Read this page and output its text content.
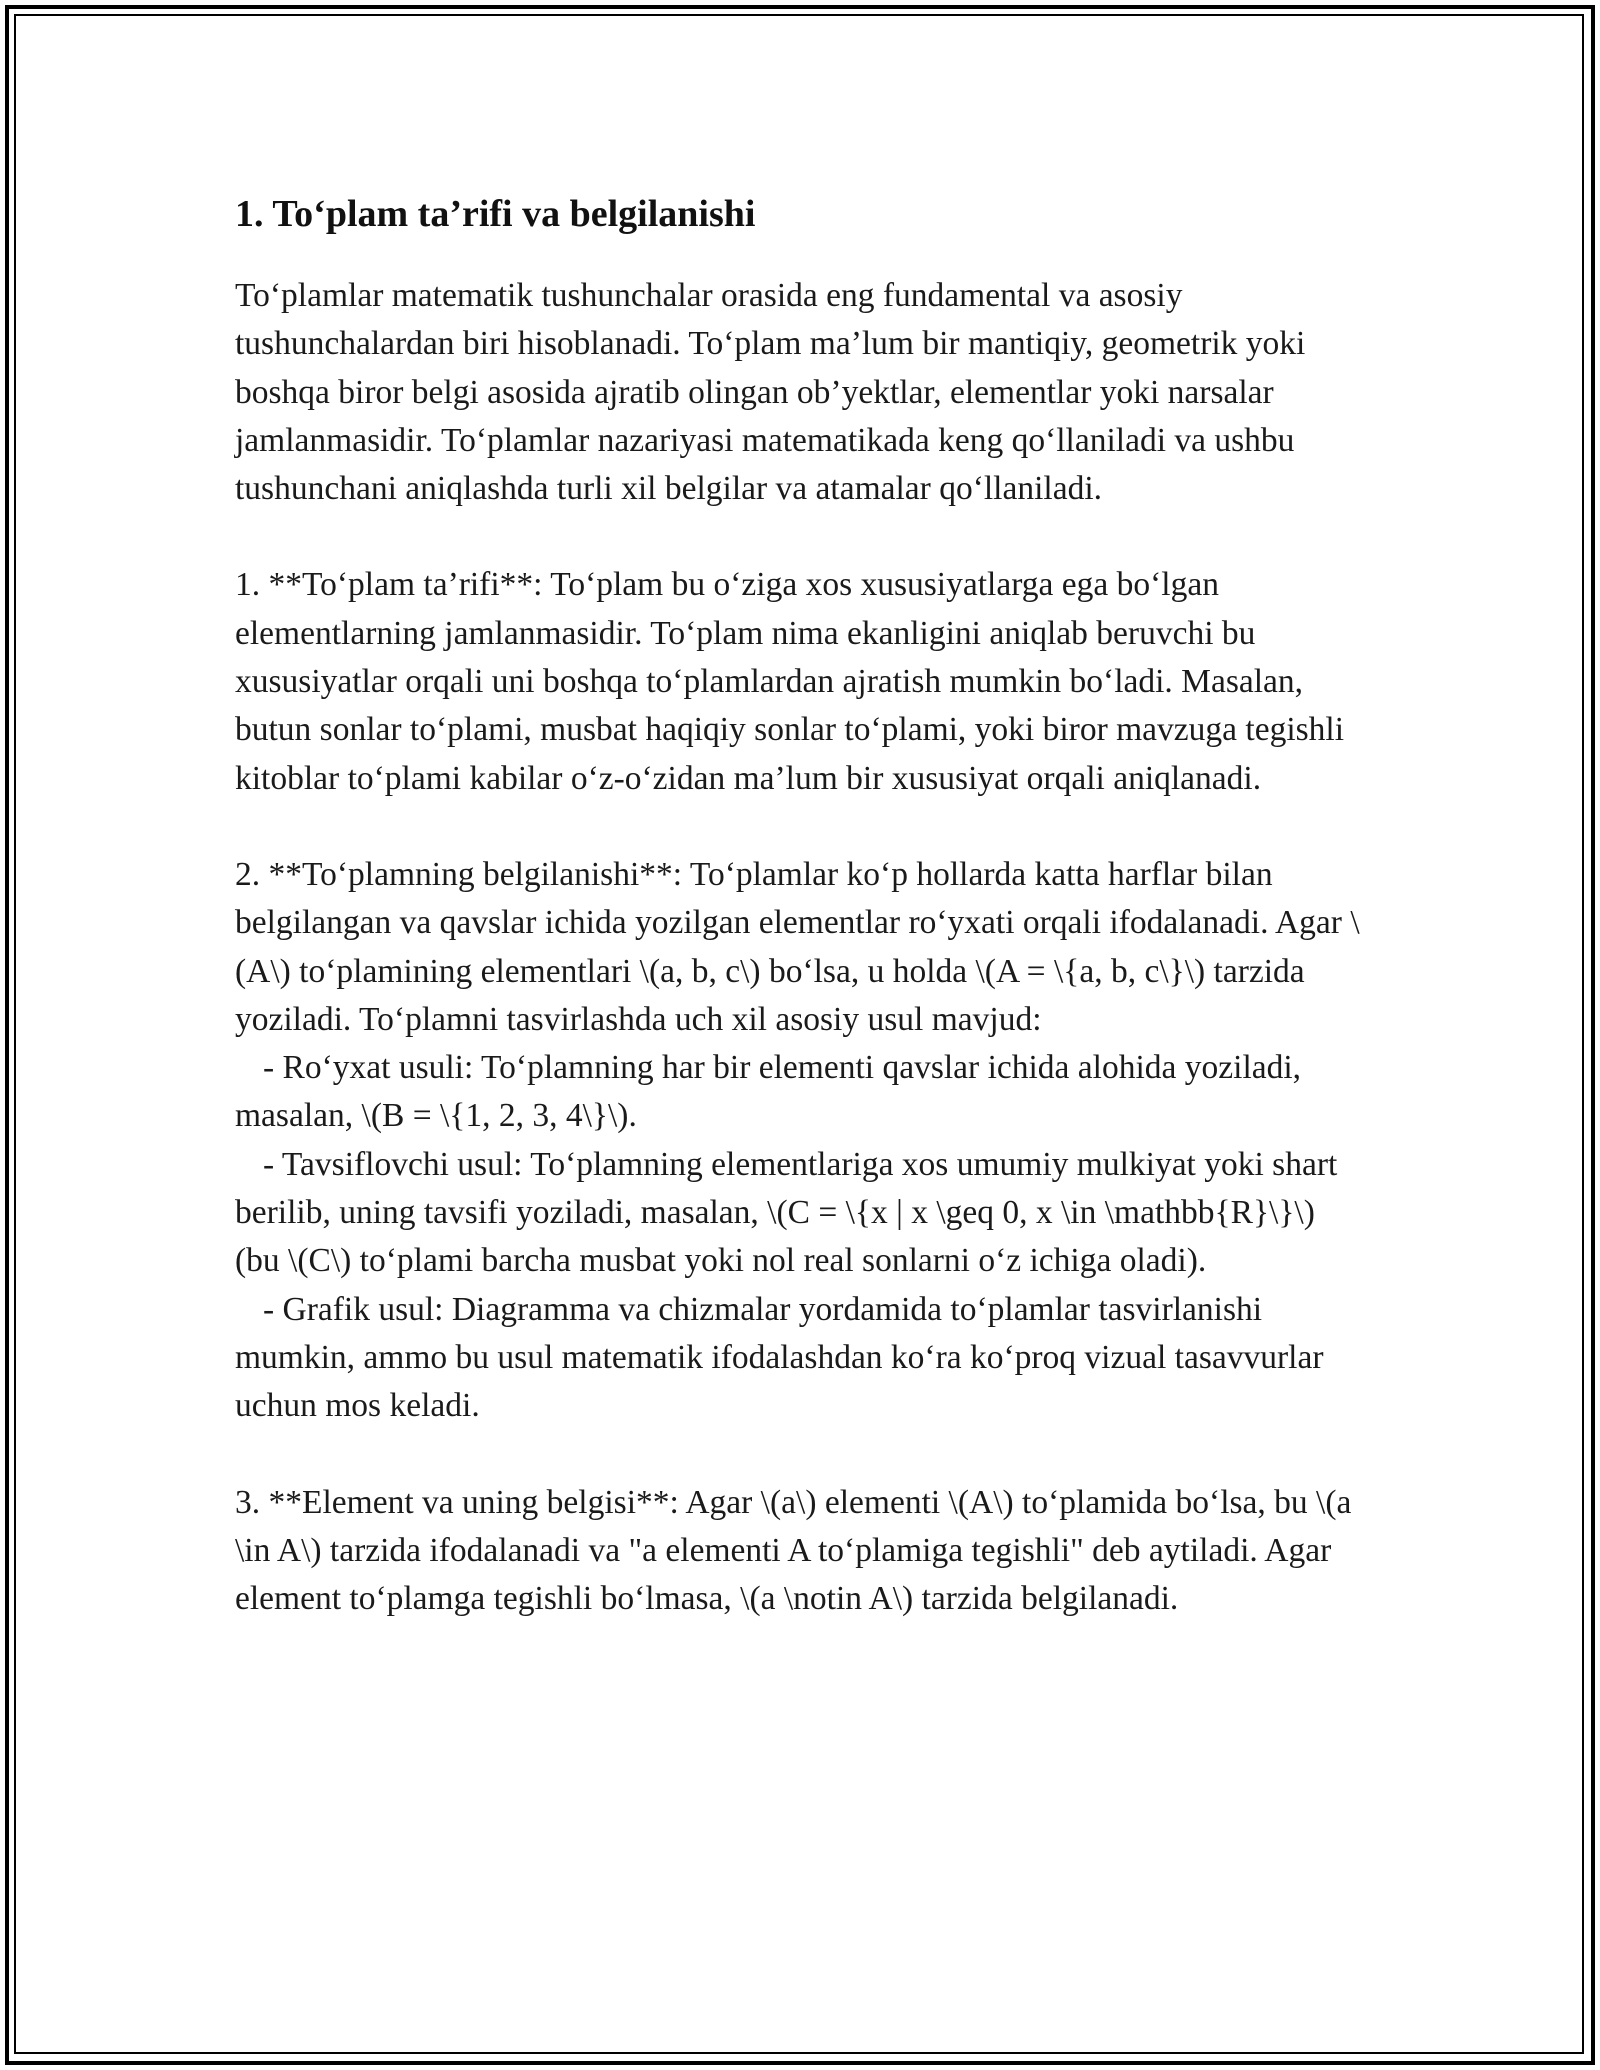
1. To‘plam ta’rifi va belgilanishi

To‘plamlar matematik tushunchalar orasida eng fundamental va asosiy tushunchalardan biri hisoblanadi. To‘plam ma’lum bir mantiqiy, geometrik yoki boshqa biror belgi asosida ajratib olingan ob’yektlar, elementlar yoki narsalar jamlanmasidir. To‘plamlar nazariyasi matematikada keng qo‘llaniladi va ushbu tushunchani aniqlashda turli xil belgilar va atamalar qo‘llaniladi.

1. **To‘plam ta’rifi**: To‘plam bu o‘ziga xos xususiyatlarga ega bo‘lgan elementlarning jamlanmasidir. To‘plam nima ekanligini aniqlab beruvchi bu xususiyatlar orqali uni boshqa to‘plamlardan ajratish mumkin bo‘ladi. Masalan, butun sonlar to‘plami, musbat haqiqiy sonlar to‘plami, yoki biror mavzuga tegishli kitoblar to‘plami kabilar o‘z-o‘zidan ma’lum bir xususiyat orqali aniqlanadi.

2. **To‘plamning belgilanishi**: To‘plamlar ko‘p hollarda katta harflar bilan belgilangan va qavslar ichida yozilgan elementlar ro‘yxati orqali ifodalanadi. Agar \(A\) to‘plamining elementlari \(a, b, c\) bo‘lsa, u holda \(A = \{a, b, c\}\) tarzida yoziladi. To‘plamni tasvirlashda uch xil asosiy usul mavjud:

- Ro‘yxat usuli: To‘plamning har bir elementi qavslar ichida alohida yoziladi, masalan, \(B = \{1, 2, 3, 4\}\).

- Tavsiflovchi usul: To‘plamning elementlariga xos umumiy mulkiyat yoki shart berilib, uning tavsifi yoziladi, masalan, \(C = \{x | x \geq 0, x \in \mathbb{R}\}\) (bu \(C\) to‘plami barcha musbat yoki nol real sonlarni o‘z ichiga oladi).

- Grafik usul: Diagramma va chizmalar yordamida to‘plamlar tasvirlanishi mumkin, ammo bu usul matematik ifodalashdan ko‘ra ko‘proq vizual tasavvurlar uchun mos keladi.

3. **Element va uning belgisi**: Agar \(a\) elementi \(A\) to‘plamida bo‘lsa, bu \(a \in A\) tarzida ifodalanadi va "a elementi A to‘plamiga tegishli" deb aytiladi. Agar element to‘plamga tegishli bo‘lmasa, \(a \notin A\) tarzida belgilanadi.
